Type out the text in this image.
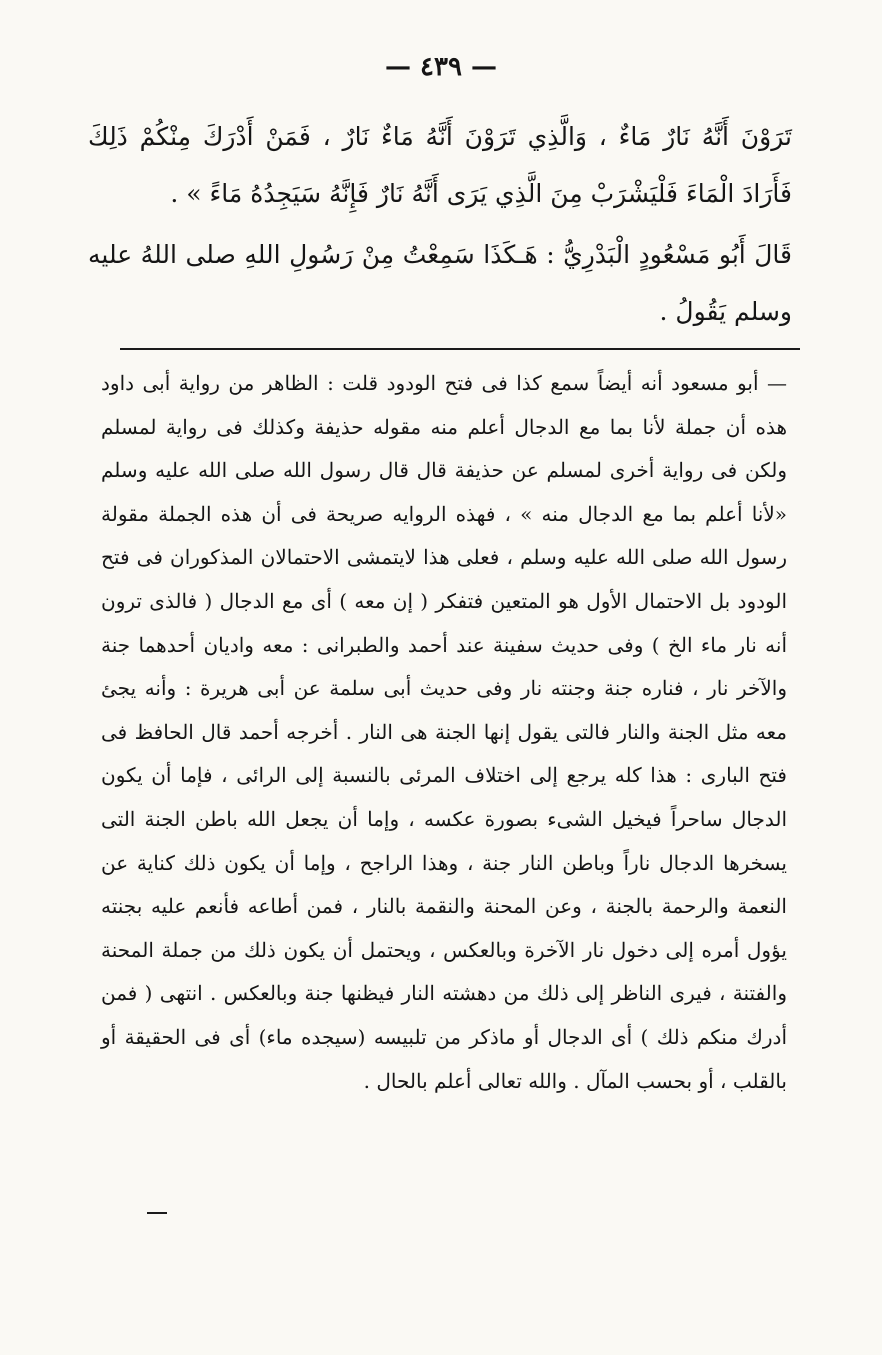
— ٤٣٩ —

تَرَوْنَ أَنَّهُ نَارٌ مَاءٌ ، وَالَّذِي تَرَوْنَ أَنَّهُ مَاءٌ نَارٌ ، فَمَنْ أَدْرَكَ مِنْكُمْ ذَلِكَ فَأَرَادَ الْمَاءَ فَلْيَشْرَبْ مِنَ الَّذِي يَرَى أَنَّهُ نَارٌ فَإِنَّهُ سَيَجِدُهُ مَاءً » .

قَالَ أَبُو مَسْعُودٍ الْبَدْرِيُّ : هَـكَذَا سَمِعْتُ مِنْ رَسُولِ اللهِ صلى اللهُ عليه وسلم يَقُولُ .

— أبو مسعود أنه أيضاً سمع كذا فى فتح الودود قلت : الظاهر من رواية أبى داود هذه أن جملة لأنا بما مع الدجال أعلم منه مقوله حذيفة وكذلك فى رواية لمسلم ولكن فى رواية أخرى لمسلم عن حذيفة قال قال رسول الله صلى الله عليه وسلم «لأنا أعلم بما مع الدجال منه » ، فهذه الروايه صريحة فى أن هذه الجملة مقولة رسول الله صلى الله عليه وسلم ، فعلى هذا لايتمشى الاحتمالان المذكوران فى فتح الودود بل الاحتمال الأول هو المتعين فتفكر ( إن معه ) أى مع الدجال ( فالذى ترون أنه نار ماء الخ ) وفى حديث سفينة عند أحمد والطبرانى : معه واديان أحدهما جنة والآخر نار ، فناره جنة وجنته نار وفى حديث أبى سلمة عن أبى هريرة : وأنه يجئ معه مثل الجنة والنار فالتى يقول إنها الجنة هى النار . أخرجه أحمد قال الحافظ فى فتح البارى : هذا كله يرجع إلى اختلاف المرئى بالنسبة إلى الرائى ، فإما أن يكون الدجال ساحراً فيخيل الشىء بصورة عكسه ، وإما أن يجعل الله باطن الجنة التى يسخرها الدجال ناراً وباطن النار جنة ، وهذا الراجح ، وإما أن يكون ذلك كناية عن النعمة والرحمة بالجنة ، وعن المحنة والنقمة بالنار ، فمن أطاعه فأنعم عليه بجنته يؤول أمره إلى دخول نار الآخرة وبالعكس ، ويحتمل أن يكون ذلك من جملة المحنة والفتنة ، فيرى الناظر إلى ذلك من دهشته النار فيظنها جنة وبالعكس . انتهى ( فمن أدرك منكم ذلك ) أى الدجال أو ماذكر من تلبيسه (سيجده ماء) أى فى الحقيقة أو بالقلب ، أو بحسب المآل . والله تعالى أعلم بالحال .
